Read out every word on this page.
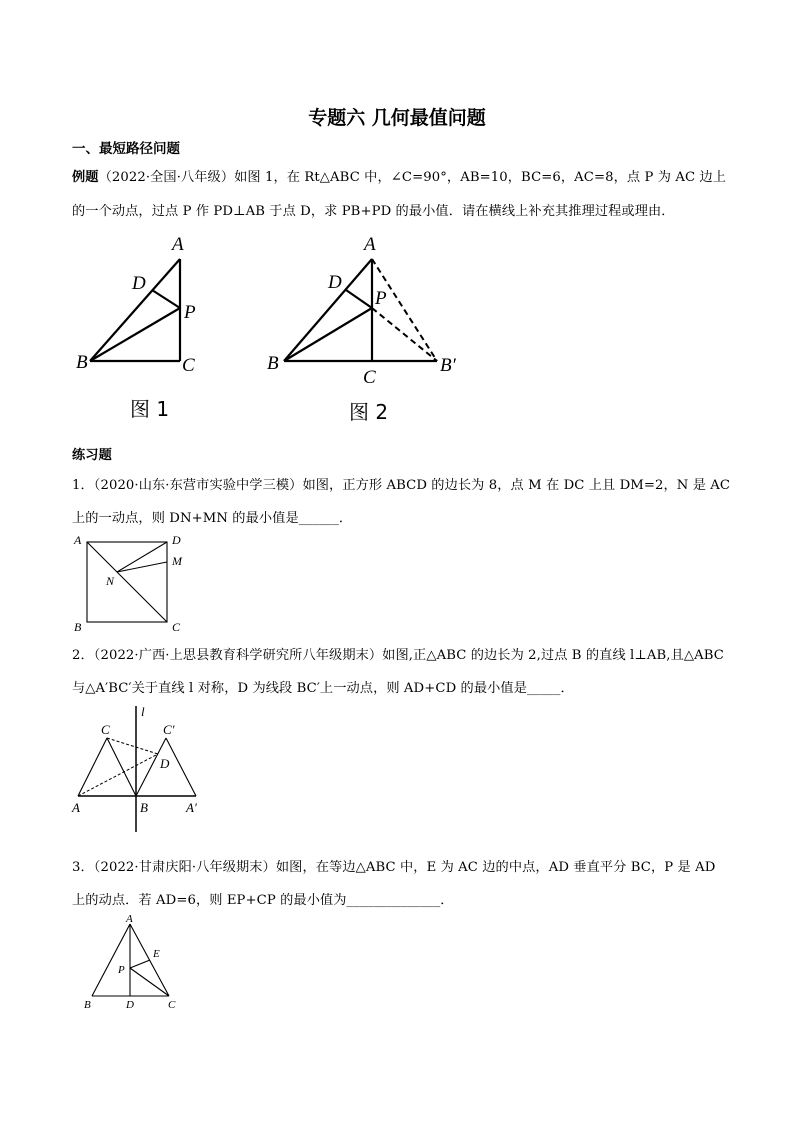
专题六 几何最值问题
一、最短路径问题
例题（2022·全国·八年级）如图 1，在 Rt△ABC 中，∠C=90°，AB=10，BC=6，AC=8，点 P 为 AC 边上
的一个动点，过点 P 作 PD⊥AB 于点 D，求 PB+PD 的最小值．请在横线上补充其推理过程或理由．
A
D
P
B	C
图 1
A
D
P
B
C
B′
图 2
练习题
1．（2020·山东·东营市实验中学三模）如图，正方形 ABCD 的边长为 8，点 M 在 DC 上且 DM=2，N 是 AC
上的一动点，则 DN+MN 的最小值是______．
A	D
M
N
B	C
2．（2022·广西·上思县教育科学研究所八年级期末）如图,正△ABC 的边长为 2,过点 B 的直线 l⊥AB,且△ABC
与△A′BC′关于直线 l 对称，D 为线段 BC′上一动点，则 AD+CD 的最小值是_____．
l
C	C′
D
A	B	A′
3．（2022·甘肃庆阳·八年级期末）如图，在等边△ABC 中，E 为 AC 边的中点，AD 垂直平分 BC，P 是 AD
上的动点．若 AD=6，则 EP+CP 的最小值为______________．
A
E
P
B	D	C
